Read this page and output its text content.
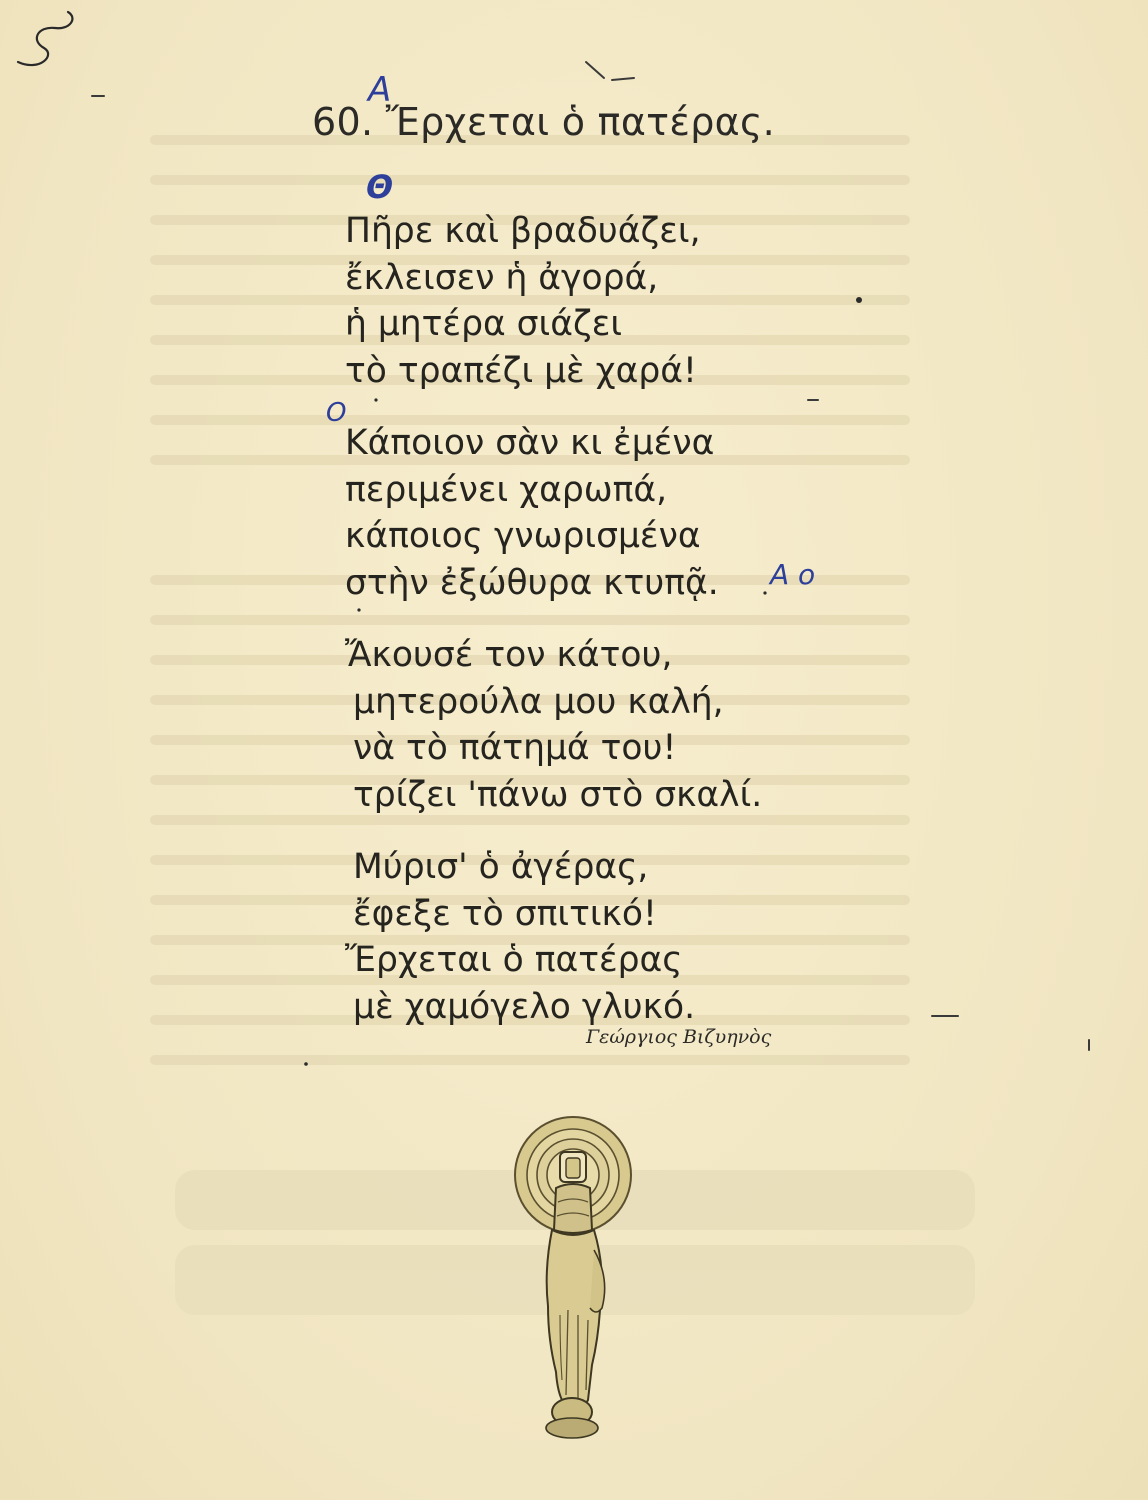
A
Θ
O
A o
60. Ἔρχεται ὁ πατέρας.
Πῆρε καὶ βραδυάζει,
ἔκλεισεν ἡ ἀγορά,
ἡ μητέρα σιάζει
τὸ τραπέζι μὲ χαρά!
Κάποιον σὰν κι ἐμένα
περιμένει χαρωπά,
κάποιος γνωρισμένα
στὴν ἐξώθυρα κτυπᾷ.
Ἄκουσέ τον κάτου,
μητερούλα μου καλή,
νὰ τὸ πάτημά του!
τρίζει 'πάνω στὸ σκαλί.
Μύρισ' ὁ ἀγέρας,
ἔφεξε τὸ σπιτικό!
Ἔρχεται ὁ πατέρας
μὲ χαμόγελο γλυκό.
Γεώργιος Βιζυηνὸς
